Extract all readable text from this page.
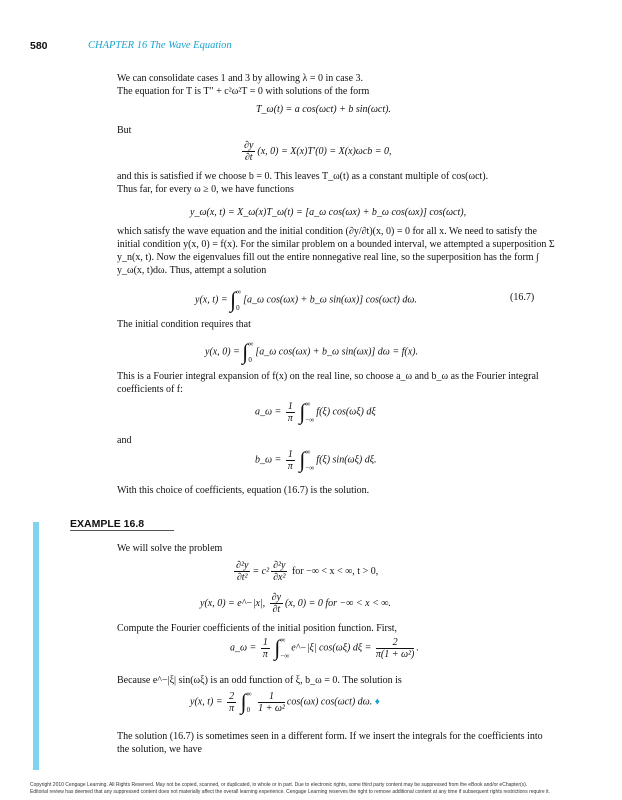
580	CHAPTER 16 The Wave Equation
We can consolidate cases 1 and 3 by allowing λ = 0 in case 3.
The equation for T is T″ + c²ω²T = 0 with solutions of the form
T_ω(t) = a cos(ωct) + b sin(ωct).
But
$\frac{\partial y}{\partial t} (x$, 0) = X(x)T′(0) = X(x)ωcb = 0,
and this is satisfied if we choose b = 0. This leaves T_ω(t) as a constant multiple of cos(ωct).
Thus far, for every ω ≥ 0, we have functions
y_ω(x, t) = X_ω(x)T_ω(t) = [a_ω cos(ωx) + b_ω cos(ωx)] cos(ωct),
which satisfy the wave equation and the initial condition (∂y/∂t)(x, 0) = 0 for all x. We need to satisfy the initial condition y(x, 0) = f(x). For the similar problem on a bounded interval, we attempted a superposition Σ y_n(x, t). Now the eigenvalues fill out the entire nonnegative real line, so the superposition has the form ∫ y_ω(x, t)dω. Thus, attempt a solution
y(x, t) = ∫∞

0[a_ω cos(ωx) + b_ω sin(ωx)] cos(ωct) dω.	(16.7)
The initial condition requires that
y(x, 0) = ∫∞

0[a_ω cos(ωx) + b_ω sin(ωx)] dω = f(x).
This is a Fourier integral expansion of f(x) on the real line, so choose a_ω and b_ω as the Fourier integral coefficients of f:
a_ω = $\frac{1}{\pi}$ ∫∞

−∞f(ξ) cos(ωξ) dξ
and
b_ω = $\frac{1}{\pi}$ ∫∞

−∞f(ξ) sin(ωξ) dξ.
With this choice of coefficients, equation (16.7) is the solution.
EXAMPLE 16.8
We will solve the problem
$\frac{\text{∂²y}}{\text{∂t²}} = c^2 \frac{\text{∂²y}}{\text{∂x²}}$ for −∞ < x < ∞, t > 0,
y(x, 0) = e^−|x|, $\frac{\partial y}{\partial t} (x$, 0) = 0 for −∞ < x < ∞.
Compute the Fourier coefficients of the initial position function. First,
a_ω = $\frac{1}{\pi}$ ∫∞

−∞e^−|ξ| cos(ωξ) $d\xi = \frac{2}{\text{π(1 + ω²)}}$ .
Because e^−|ξ| sin(ωξ) is an odd function of ξ, b_ω = 0. The solution is
y(x, $t) = \frac{2}{\pi}$ ∫∞

$0 \frac{1}{\text{1 + ω²}} \cos(\omega x)$ cos(ωct) dω. ♦
The solution (16.7) is sometimes seen in a different form. If we insert the integrals for the coefficients into the solution, we have
Copyright 2010 Cengage Learning. All Rights Reserved. May not be copied, scanned, or duplicated, in whole or in part. Due to electronic rights, some third party content may be suppressed from the eBook and/or eChapter(s).
Editorial review has deemed that any suppressed content does not materially affect the overall learning experience. Cengage Learning reserves the right to remove additional content at any time if subsequent rights restrictions require it.
